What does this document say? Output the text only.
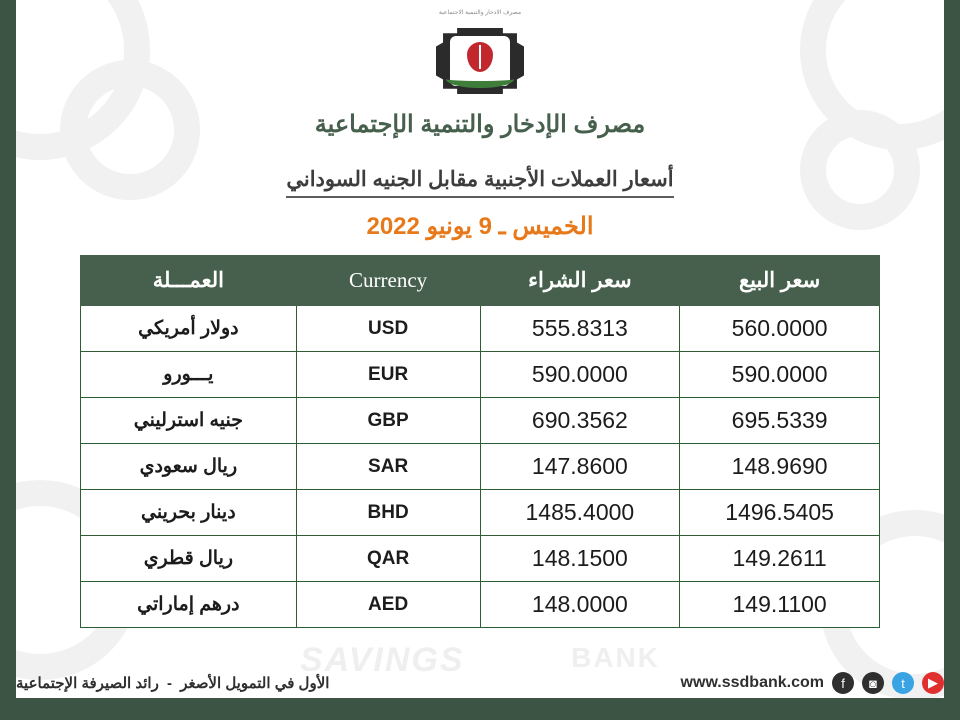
SAVINGS	BANK
مصرف الادخار والتنمية الاجتماعية
مصرف الإدخار والتنمية الإجتماعية
أسعار العملات الأجنبية مقابل الجنيه السوداني
الخميس ـ 9 يونيو 2022
سعر البيع	سعر الشراء	Currency	العمـــلة
560.0000	555.8313	USD	دولار أمريكي
590.0000	590.0000	EUR	يـــورو
695.5339	690.3562	GBP	جنيه استرليني
148.9690	147.8600	SAR	ريال سعودي
1496.5405	1485.4000	BHD	دينار بحريني
149.2611	148.1500	QAR	ريال قطري
149.1100	148.0000	AED	درهم إماراتي
www.ssdbank.com	f	◙	t	▶
الأول في التمويل الأصغر - رائد الصيرفة الإجتماعية
